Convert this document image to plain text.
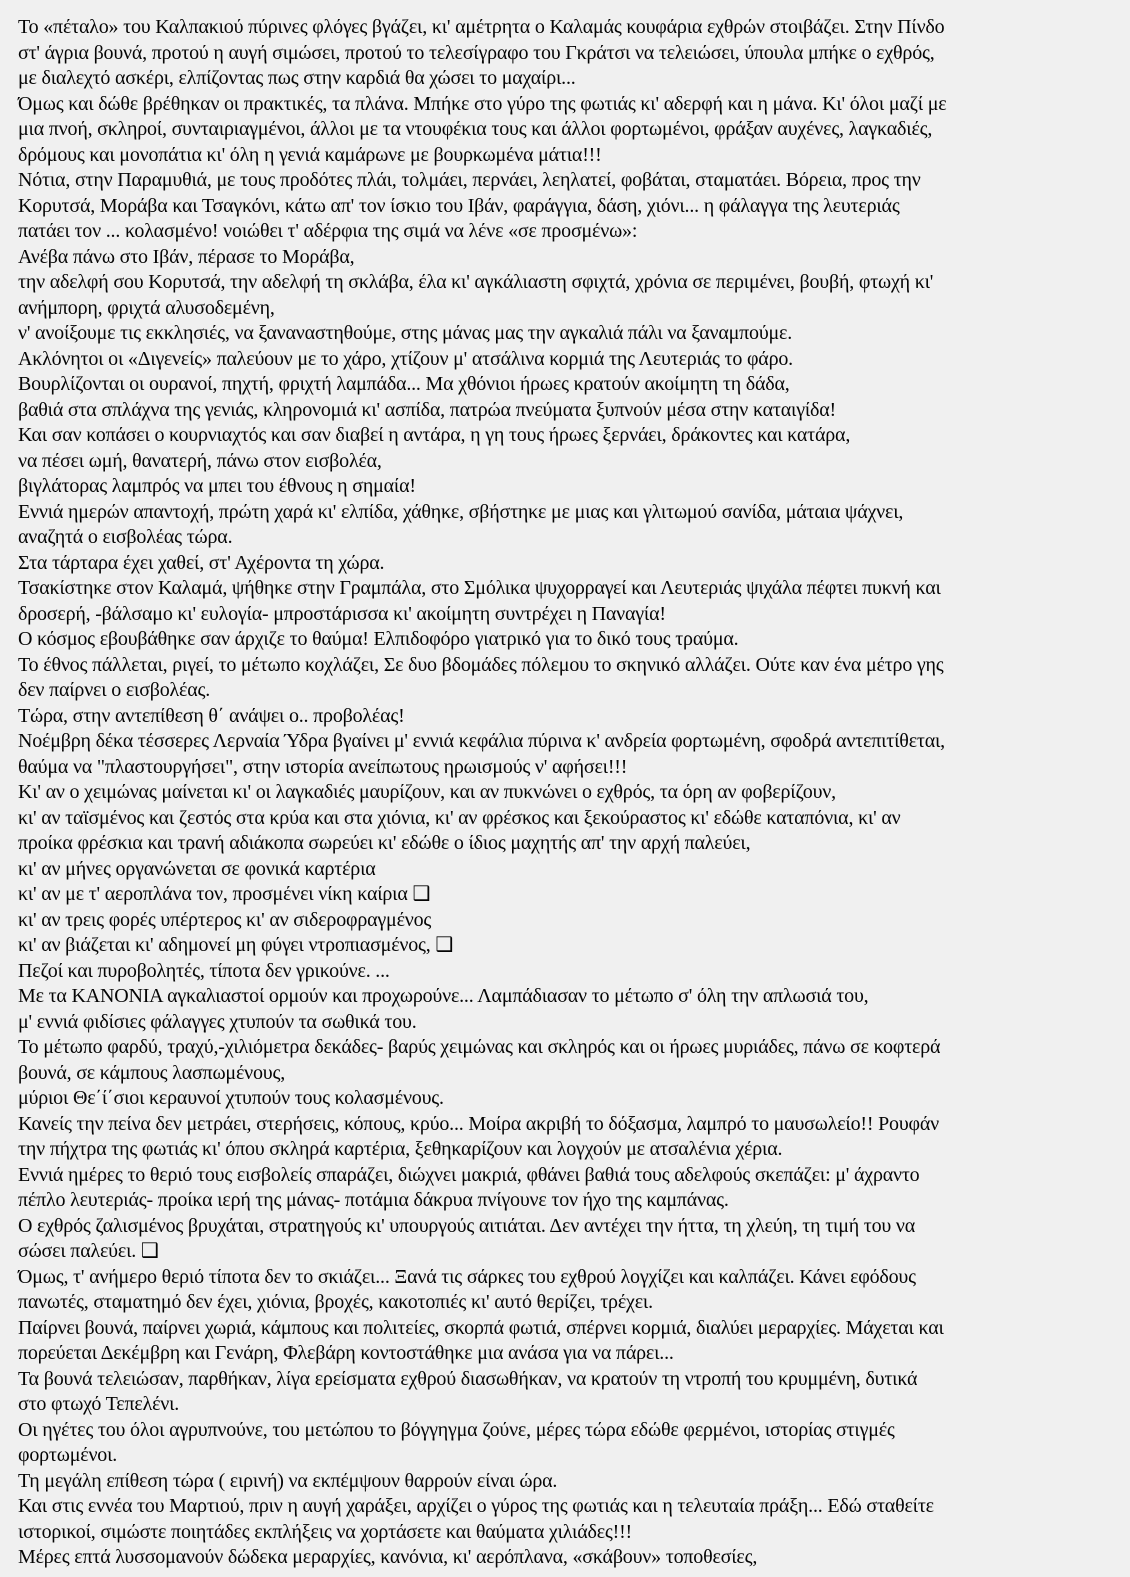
Το «πέταλο» του Καλπακιού πύρινες φλόγες βγάζει, κι' αμέτρητα ο Καλαμάς κουφάρια εχθρών στοιβάζει. Στην Πίνδο
στ' άγρια βουνά, προτού η αυγή σιμώσει, προτού το τελεσίγραφο του Γκράτσι να τελειώσει, ύπουλα μπήκε ο εχθρός,
με διαλεχτό ασκέρι, ελπίζοντας πως στην καρδιά θα χώσει το μαχαίρι...
Όμως και δώθε βρέθηκαν οι πρακτικές, τα πλάνα. Μπήκε στο γύρο της φωτιάς κι' αδερφή και η μάνα. Κι' όλοι μαζί με
μια πνοή, σκληροί, συνταιριαγμένοι, άλλοι με τα ντουφέκια τους και άλλοι φορτωμένοι, φράξαν αυχένες, λαγκαδιές,
δρόμους και μονοπάτια κι' όλη η γενιά καμάρωνε με βουρκωμένα μάτια!!!
Νότια, στην Παραμυθιά, με τους προδότες πλάι, τολμάει, περνάει, λεηλατεί, φοβάται, σταματάει. Βόρεια, προς την
Κορυτσά, Μοράβα και Τσαγκόνι, κάτω απ' τον ίσκιο του Ιβάν, φαράγγια, δάση, χιόνι... η φάλαγγα της λευτεριάς
πατάει τον ... κολασμένο! νοιώθει τ' αδέρφια της σιμά να λένε «σε προσμένω»:
Ανέβα πάνω στο Ιβάν, πέρασε το Μοράβα,
την αδελφή σου Κορυτσά, την αδελφή τη σκλάβα, έλα κι' αγκάλιαστη σφιχτά, χρόνια σε περιμένει, βουβή, φτωχή κι'
ανήμπορη, φριχτά αλυσοδεμένη,
ν' ανοίξουμε τις εκκλησιές, να ξαναναστηθούμε, στης μάνας μας την αγκαλιά πάλι να ξαναμπούμε.
Ακλόνητοι οι «Διγενείς» παλεύουν με το χάρο, χτίζουν μ' ατσάλινα κορμιά της Λευτεριάς το φάρο.
Βουρλίζονται οι ουρανοί, πηχτή, φριχτή λαμπάδα... Μα χθόνιοι ήρωες κρατούν ακοίμητη τη δάδα,
βαθιά στα σπλάχνα της γενιάς, κληρονομιά κι' ασπίδα, πατρώα πνεύματα ξυπνούν μέσα στην καταιγίδα!
Και σαν κοπάσει ο κουρνιαχτός και σαν διαβεί η αντάρα, η γη τους ήρωες ξερνάει, δράκοντες και κατάρα,
να πέσει ωμή, θανατερή, πάνω στον εισβολέα,
βιγλάτορας λαμπρός να μπει του έθνους η σημαία!
Εννιά ημερών απαντοχή, πρώτη χαρά κι' ελπίδα, χάθηκε, σβήστηκε με μιας και γλιτωμού σανίδα, μάταια ψάχνει,
αναζητά ο εισβολέας τώρα.
Στα τάρταρα έχει χαθεί, στ' Αχέροντα τη χώρα.
Τσακίστηκε στον Καλαμά, ψήθηκε στην Γραμπάλα, στο Σμόλικα ψυχορραγεί και Λευτεριάς ψιχάλα πέφτει πυκνή και
δροσερή, -βάλσαμο κι' ευλογία- μπροστάρισσα κι' ακοίμητη συντρέχει η Παναγία!
Ο κόσμος εβουβάθηκε σαν άρχιζε το θαύμα! Ελπιδοφόρο γιατρικό για το δικό τους τραύμα.
Το έθνος πάλλεται, ριγεί, το μέτωπο κοχλάζει, Σε δυο βδομάδες πόλεμου το σκηνικό αλλάζει. Ούτε καν ένα μέτρο γης
δεν παίρνει ο εισβολέας.
Τώρα, στην αντεπίθεση θ΄ ανάψει ο.. προβολέας!
Νοέμβρη δέκα τέσσερες Λερναία Ύδρα βγαίνει μ' εννιά κεφάλια πύρινα κ' ανδρεία φορτωμένη, σφοδρά αντεπιτίθεται,
θαύμα να "πλαστουργήσει", στην ιστορία ανείπωτους ηρωισμούς ν' αφήσει!!!
Κι' αν ο χειμώνας μαίνεται κι' οι λαγκαδιές μαυρίζουν, και αν πυκνώνει ο εχθρός, τα όρη αν φοβερίζουν,
κι' αν ταϊσμένος και ζεστός στα κρύα και στα χιόνια, κι' αν φρέσκος και ξεκούραστος κι' εδώθε καταπόνια, κι' αν
προίκα φρέσκια και τρανή αδιάκοπα σωρεύει κι' εδώθε ο ίδιος μαχητής απ' την αρχή παλεύει,
κι' αν μήνες οργανώνεται σε φονικά καρτέρια
κι' αν με τ' αεροπλάνα τον, προσμένει νίκη καίρια ❑
κι' αν τρεις φορές υπέρτερος κι' αν σιδεροφραγμένος
κι' αν βιάζεται κι' αδημονεί μη φύγει ντροπιασμένος, ❑
Πεζοί και πυροβολητές, τίποτα δεν γρικούνε. ...
Με τα ΚΑΝΟΝΙΑ αγκαλιαστοί ορμούν και προχωρούνε... Λαμπάδιασαν το μέτωπο σ' όλη την απλωσιά του,
μ' εννιά φιδίσιες φάλαγγες χτυπούν τα σωθικά του.
Το μέτωπο φαρδύ, τραχύ,-χιλιόμετρα δεκάδες- βαρύς χειμώνας και σκληρός και οι ήρωες μυριάδες, πάνω σε κοφτερά
βουνά, σε κάμπους λασπωμένους,
μύριοι Θε΄ί΄σιοι κεραυνοί χτυπούν τους κολασμένους.
Κανείς την πείνα δεν μετράει, στερήσεις, κόπους, κρύο... Μοίρα ακριβή το δόξασμα, λαμπρό το μαυσωλείο!! Ρουφάν
την πήχτρα της φωτιάς κι' όπου σκληρά καρτέρια, ξεθηκαρίζουν και λογχούν με ατσαλένια χέρια.
Εννιά ημέρες το θεριό τους εισβολείς σπαράζει, διώχνει μακριά, φθάνει βαθιά τους αδελφούς σκεπάζει: μ' άχραντο
πέπλο λευτεριάς- προίκα ιερή της μάνας- ποτάμια δάκρυα πνίγουνε τον ήχο της καμπάνας.
Ο εχθρός ζαλισμένος βρυχάται, στρατηγούς κι' υπουργούς αιτιάται. Δεν αντέχει την ήττα, τη χλεύη, τη τιμή του να
σώσει παλεύει. ❑
Όμως, τ' ανήμερο θεριό τίποτα δεν το σκιάζει... Ξανά τις σάρκες του εχθρού λογχίζει και καλπάζει. Κάνει εφόδους
πανωτές, σταματημό δεν έχει, χιόνια, βροχές, κακοτοπιές κι' αυτό θερίζει, τρέχει.
Παίρνει βουνά, παίρνει χωριά, κάμπους και πολιτείες, σκορπά φωτιά, σπέρνει κορμιά, διαλύει μεραρχίες. Μάχεται και
πορεύεται Δεκέμβρη και Γενάρη, Φλεβάρη κοντοστάθηκε μια ανάσα για να πάρει...
Τα βουνά τελειώσαν, παρθήκαν, λίγα ερείσματα εχθρού διασωθήκαν, να κρατούν τη ντροπή του κρυμμένη, δυτικά
στο φτωχό Τεπελένι.
Οι ηγέτες του όλοι αγρυπνούνε, του μετώπου το βόγγηγμα ζούνε, μέρες τώρα εδώθε φερμένοι, ιστορίας στιγμές
φορτωμένοι.
Τη μεγάλη επίθεση τώρα ( ειρινή) να εκπέμψουν θαρρούν είναι ώρα.
Και στις εννέα του Μαρτιού, πριν η αυγή χαράξει, αρχίζει ο γύρος της φωτιάς και η τελευταία πράξη... Εδώ σταθείτε
ιστορικοί, σιμώστε ποιητάδες εκπλήξεις να χορτάσετε και θαύματα χιλιάδες!!!
Μέρες επτά λυσσομανούν δώδεκα μεραρχίες, κανόνια, κι' αερόπλανα, «σκάβουν» τοποθεσίες,
